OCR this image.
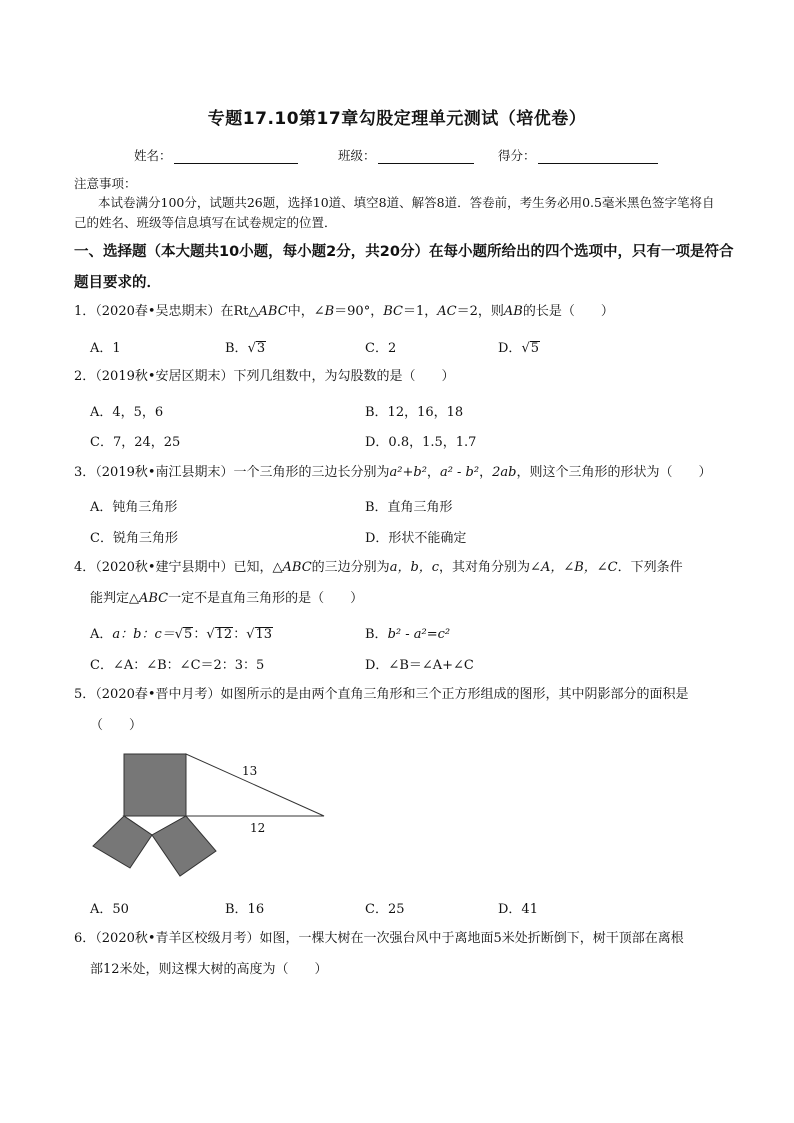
专题17.10第17章勾股定理单元测试（培优卷）
姓名：	班级：	得分：
注意事项：
本试卷满分100分，试题共26题，选择10道、填空8道、解答8道．答卷前，考生务必用0.5毫米黑色签字笔将自己的姓名、班级等信息填写在试卷规定的位置．
一、选择题（本大题共10小题，每小题2分，共20分）在每小题所给出的四个选项中，只有一项是符合题目要求的．
1．（2020春•吴忠期末）在Rt△ABC中，∠B＝90°，BC＝1，AC＝2，则AB的长是（　　）
A．1	B．√3	C．2	D．√5
2．（2019秋•安居区期末）下列几组数中，为勾股数的是（　　）
A．4，5，6	B．12，16，18
C．7，24，25	D．0.8，1.5，1.7
3．（2019秋•南江县期末）一个三角形的三边长分别为a²+b²，a² - b²，2ab，则这个三角形的形状为（　　）
A．钝角三角形	B．直角三角形
C．锐角三角形	D．形状不能确定
4．（2020秋•建宁县期中）已知，△ABC的三边分别为a，b，c，其对角分别为∠A，∠B，∠C．下列条件
能判定△ABC一定不是直角三角形的是（　　）
A．a：b：c＝√5：√12：√13	B．b² - a²=c²
C．∠A：∠B：∠C＝2：3：5	D．∠B＝∠A+∠C
5．（2020春•晋中月考）如图所示的是由两个直角三角形和三个正方形组成的图形，其中阴影部分的面积是
（　　）
13
12
A．50	B．16	C．25	D．41
6．（2020秋•青羊区校级月考）如图，一棵大树在一次强台风中于离地面5米处折断倒下，树干顶部在离根
部12米处，则这棵大树的高度为（　　）
